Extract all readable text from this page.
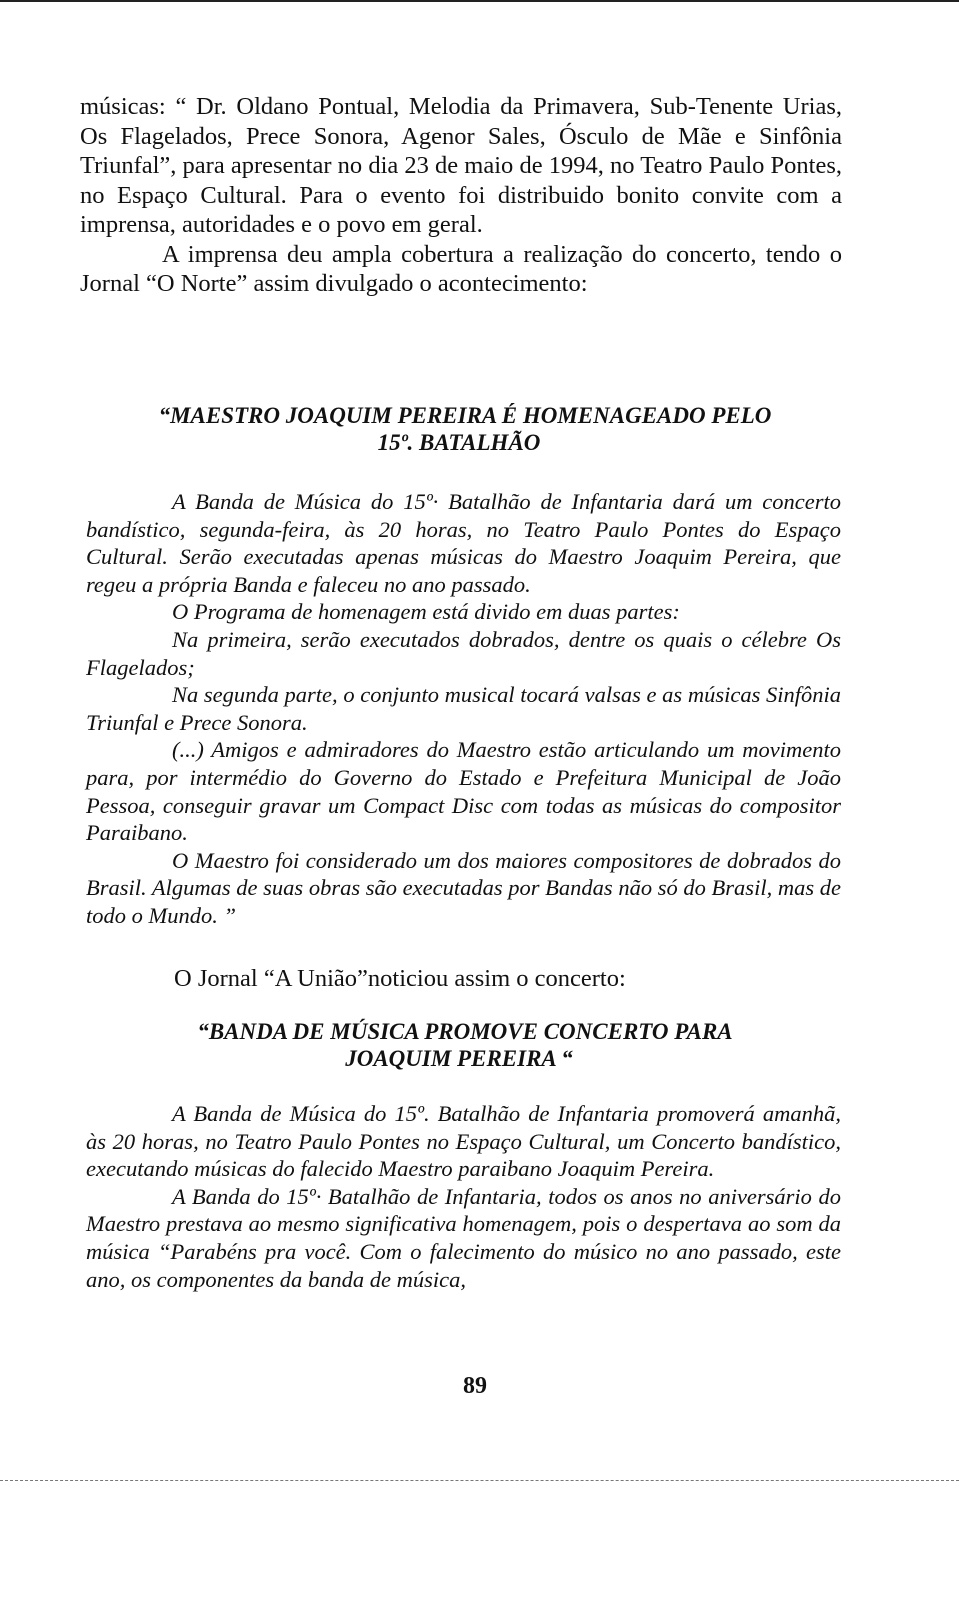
músicas: “ Dr. Oldano Pontual, Melodia da Primavera, Sub-Tenente Urias, Os Flagelados, Prece Sonora, Agenor Sales, Ósculo de Mãe e Sinfônia Triunfal”, para apresentar no dia 23 de maio de 1994, no Teatro Paulo Pontes, no Espaço Cultural. Para o evento foi distribuido bonito convite com a imprensa, autoridades e o povo em geral.

A imprensa deu ampla cobertura a realização do concerto, tendo o Jornal “O Norte” assim divulgado o acontecimento:

“MAESTRO JOAQUIM PEREIRA É HOMENAGEADO PELO
15º. BATALHÃO

A Banda de Música do 15º· Batalhão de Infantaria dará um concerto bandístico, segunda-feira, às 20 horas, no Teatro Paulo Pontes do Espaço Cultural. Serão executadas apenas músicas do Maestro Joaquim Pereira, que regeu a própria Banda e faleceu no ano passado.

O Programa de homenagem está divido em duas partes:

Na primeira, serão executados dobrados, dentre os quais o célebre Os Flagelados;

Na segunda parte, o conjunto musical tocará valsas e as músicas Sinfônia Triunfal e Prece Sonora.

(...) Amigos e admiradores do Maestro estão articulando um movimento para, por intermédio do Governo do Estado e Prefeitura Municipal de João Pessoa, conseguir gravar um Compact Disc com todas as músicas do compositor Paraibano.

O Maestro foi considerado um dos maiores compositores de dobrados do Brasil. Algumas de suas obras são executadas por Bandas não só do Brasil, mas de todo o Mundo. ”

O Jornal “A União”noticiou assim o concerto:
“BANDA DE MÚSICA PROMOVE CONCERTO PARA
JOAQUIM PEREIRA “

A Banda de Música do 15º. Batalhão de Infantaria promoverá amanhã, às 20 horas, no Teatro Paulo Pontes no Espaço Cultural, um Concerto bandístico, executando músicas do falecido Maestro paraibano Joaquim Pereira.

A Banda do 15º· Batalhão de Infantaria, todos os anos no aniversário do Maestro prestava ao mesmo significativa homenagem, pois o despertava ao som da música “Parabéns pra você. Com o falecimento do músico no ano passado, este ano, os componentes da banda de música,

89
